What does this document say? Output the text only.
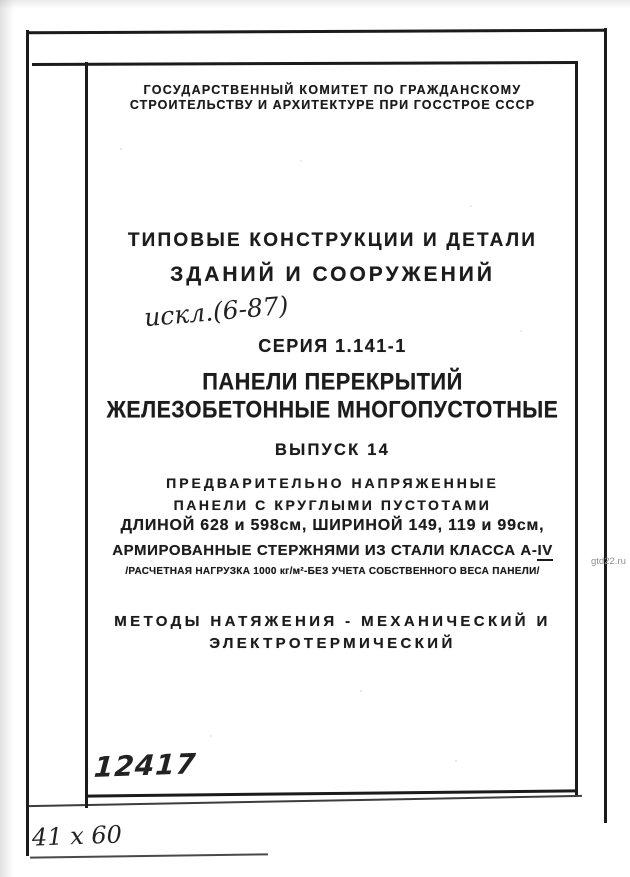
ГОСУДАРСТВЕННЫЙ КОМИТЕТ ПО ГРАЖДАНСКОМУ
СТРОИТЕЛЬСТВУ И АРХИТЕКТУРЕ ПРИ ГОССТРОЕ СССР
ТИПОВЫЕ КОНСТРУКЦИИ И ДЕТАЛИ
ЗДАНИЙ И СООРУЖЕНИЙ
искл.(6-87)
СЕРИЯ 1.141-1
ПАНЕЛИ ПЕРЕКРЫТИЙ
ЖЕЛЕЗОБЕТОННЫЕ МНОГОПУСТОТНЫЕ
ВЫПУСК 14
ПРЕДВАРИТЕЛЬНО НАПРЯЖЕННЫЕ
ПАНЕЛИ С КРУГЛЫМИ ПУСТОТАМИ
ДЛИНОЙ 628 и 598см, ШИРИНОЙ 149, 119 и 99см,
АРМИРОВАННЫЕ СТЕРЖНЯМИ ИЗ СТАЛИ КЛАССА А-IV
/РАСЧЕТНАЯ НАГРУЗКА 1000 кг/м²-БЕЗ УЧЕТА СОБСТВЕННОГО ВЕСА ПАНЕЛИ/
МЕТОДЫ НАТЯЖЕНИЯ - МЕХАНИЧЕСКИЙ И
ЭЛЕКТРОТЕРМИЧЕСКИЙ
12417
41 х 60
gtd22.ru
